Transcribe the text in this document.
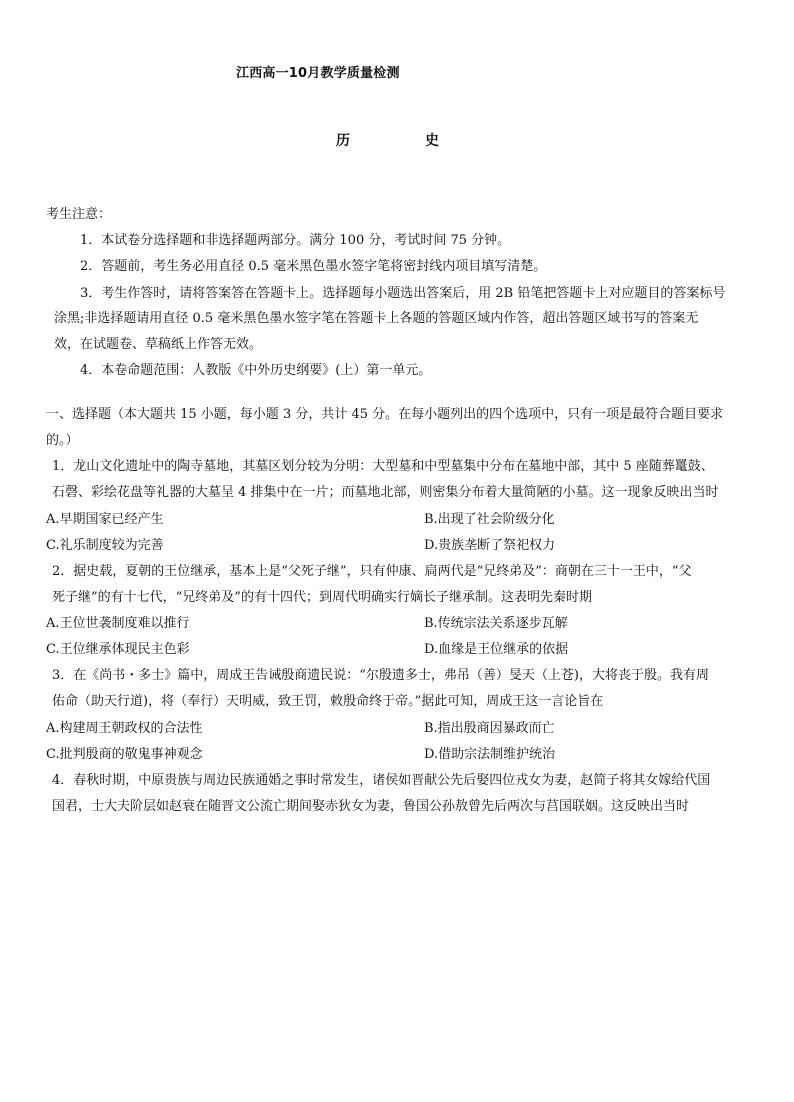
江西高一10月教学质量检测
历	史
考生注意：
1．本试卷分选择题和非选择题两部分。满分 100 分，考试时间 75 分钟。
2．答题前，考生务必用直径 0.5 毫米黑色墨水签字笔将密封线内项目填写清楚。
3．考生作答时，请将答案答在答题卡上。选择题每小题选出答案后，用 2B 铅笔把答题卡上对应题目的答案标号
涂黑;非选择题请用直径 0.5 毫米黑色墨水签字笔在答题卡上各题的答题区域内作答，超出答题区域书写的答案无
效，在试题卷、草稿纸上作答无效。
4．本卷命题范围：人教版《中外历史纲要》(上）第一单元。
一、选择题（本大题共 15 小题，每小题 3 分，共计 45 分。在每小题列出的四个选项中，只有一项是最符合题目要求
的。）
1．龙山文化遗址中的陶寺墓地，其墓区划分较为分明：大型墓和中型墓集中分布在墓地中部，其中 5 座随葬鼍鼓、
石磬、彩绘花盘等礼器的大墓呈 4 排集中在一片；而墓地北部，则密集分布着大量简陋的小墓。这一现象反映出当时
A.早期国家已经产生	B.出现了社会阶级分化
C.礼乐制度较为完善	D.贵族垄断了祭祀权力
2．据史载，夏朝的王位继承，基本上是“父死子继”，只有仲康、扃两代是“兄终弟及”：商朝在三十一王中，“父
死子继”的有十七代，“兄终弟及”的有十四代；到周代明确实行嫡长子继承制。这表明先秦时期
A.王位世袭制度难以推行	B.传统宗法关系逐步瓦解
C.王位继承体现民主色彩	D.血缘是王位继承的依据
3．在《尚书・多士》篇中，周成王告诫殷商遗民说：“尔殷遗多士，弗吊（善）旻天（上苍)，大将丧于殷。我有周
佑命（助天行道)，将（奉行）天明威，致王罚，敕殷命终于帝。”据此可知，周成王这一言论旨在
A.构建周王朝政权的合法性	B.指出殷商因暴政而亡
C.批判殷商的敬鬼事神观念	D.借助宗法制维护统治
4．春秋时期，中原贵族与周边民族通婚之事时常发生，诸侯如晋献公先后娶四位戎女为妻，赵简子将其女嫁给代国
国君，士大夫阶层如赵衰在随晋文公流亡期间娶赤狄女为妻，鲁国公孙敖曾先后两次与莒国联姻。这反映出当时
